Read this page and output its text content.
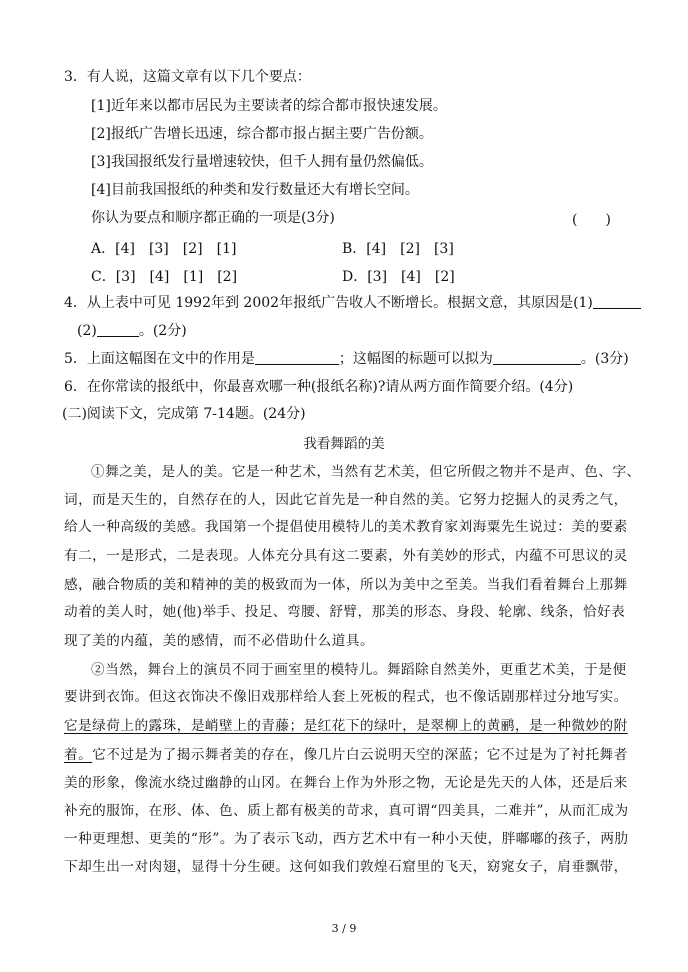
3．有人说，这篇文章有以下几个要点：
[1]近年来以都市居民为主要读者的综合都市报快速发展。
[2]报纸广告增长迅速，综合都市报占据主要广告份额。
[3]我国报纸发行量增速较快，但千人拥有量仍然偏低。
[4]目前我国报纸的种类和发行数量还大有增长空间。
你认为要点和顺序都正确的一项是(3分)	(　　)
A．[4]　[3]　[2]　[1]	B．[4]　[2]　[3]
C．[3]　[4]　[1]　[2]	D．[3]　[4]　[2]
4．从上表中可见 1992年到 2002年报纸广告收人不断增长。根据文意，其原因是(1)
(2)	。(2分)
5．上面这幅图在文中的作用是	；这幅图的标题可以拟为	。(3分)
6．在你常读的报纸中，你最喜欢哪一种(报纸名称)?请从两方面作简要介绍。(4分)
(二)阅读下文，完成第 7-14题。(24分)
我看舞蹈的美
①舞之美，是人的美。它是一种艺术，当然有艺术美，但它所假之物并不是声、色、字、
词，而是天生的，自然存在的人，因此它首先是一种自然的美。它努力挖掘人的灵秀之气，
给人一种高级的美感。我国第一个提倡使用模特儿的美术教育家刘海粟先生说过：美的要素
有二，一是形式，二是表现。人体充分具有这二要素，外有美妙的形式，内蕴不可思议的灵
感，融合物质的美和精神的美的极致而为一体，所以为美中之至美。当我们看着舞台上那舞
动着的美人时，她(他)举手、投足、弯腰、舒臂，那美的形态、身段、轮廓、线条，恰好表
现了美的内蕴，美的感情，而不必借助什么道具。
②当然，舞台上的演员不同于画室里的模特儿。舞蹈除自然美外，更重艺术美，于是便
要讲到衣饰。但这衣饰决不像旧戏那样给人套上死板的程式，也不像话剧那样过分地写实。
它是绿荷上的露珠，是峭壁上的青藤；是红花下的绿叶，是翠柳上的黄鹂，是一种微妙的附
着。它不过是为了揭示舞者美的存在，像几片白云说明天空的深蓝；它不过是为了衬托舞者
美的形象，像流水绕过幽静的山冈。在舞台上作为外形之物，无论是先天的人体，还是后来
补充的服饰，在形、体、色、质上都有极美的苛求，真可谓“四美具，二难并”，从而汇成为
一种更理想、更美的“形”。为了表示飞动，西方艺术中有一种小天使，胖嘟嘟的孩子，两肋
下却生出一对肉翅，显得十分生硬。这何如我们敦煌石窟里的飞天，窈窕女子，肩垂飘带，
3 / 9
